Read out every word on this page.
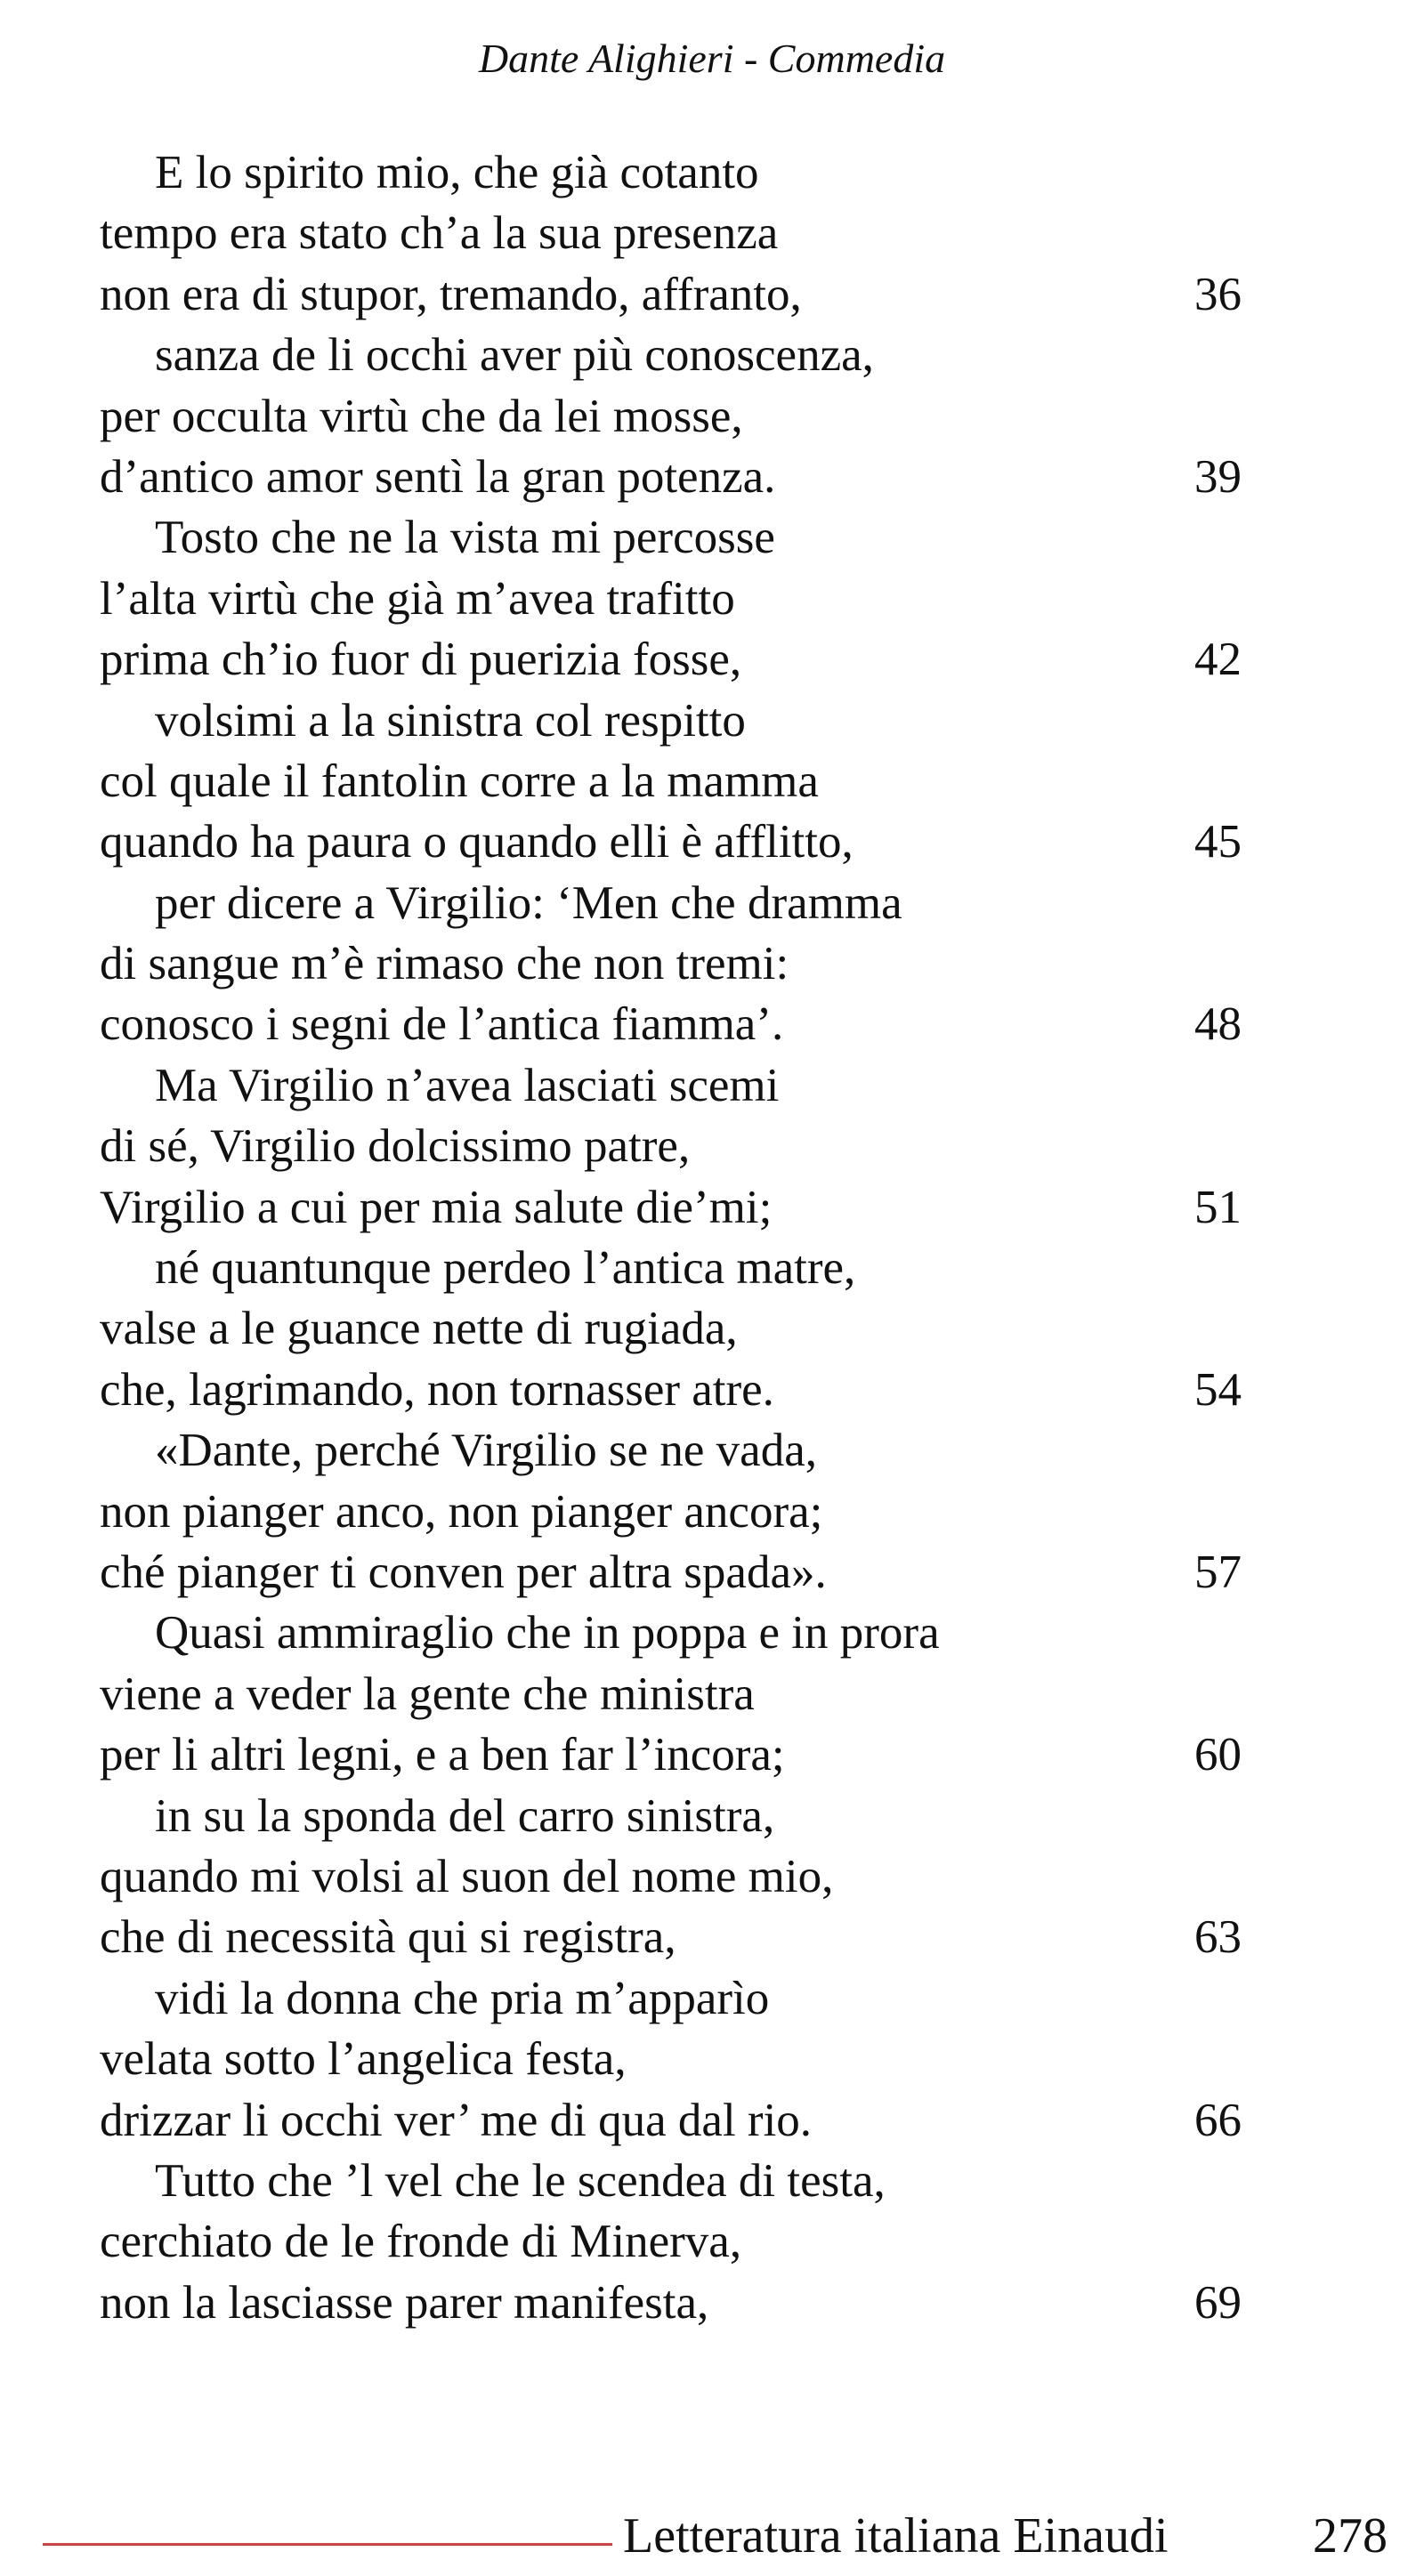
Dante Alighieri - Commedia
E lo spirito mio, che già cotanto
tempo era stato ch’a la sua presenza
non era di stupor, tremando, affranto,	36
sanza de li occhi aver più conoscenza,
per occulta virtù che da lei mosse,
d’antico amor sentì la gran potenza.	39
Tosto che ne la vista mi percosse
l’alta virtù che già m’avea trafitto
prima ch’io fuor di puerizia fosse,	42
volsimi a la sinistra col respitto
col quale il fantolin corre a la mamma
quando ha paura o quando elli è afflitto,	45
per dicere a Virgilio: ‘Men che dramma
di sangue m’è rimaso che non tremi:
conosco i segni de l’antica fiamma’.	48
Ma Virgilio n’avea lasciati scemi
di sé, Virgilio dolcissimo patre,
Virgilio a cui per mia salute die’mi;	51
né quantunque perdeo l’antica matre,
valse a le guance nette di rugiada,
che, lagrimando, non tornasser atre.	54
«Dante, perché Virgilio se ne vada,
non pianger anco, non pianger ancora;
ché pianger ti conven per altra spada».	57
Quasi ammiraglio che in poppa e in prora
viene a veder la gente che ministra
per li altri legni, e a ben far l’incora;	60
in su la sponda del carro sinistra,
quando mi volsi al suon del nome mio,
che di necessità qui si registra,	63
vidi la donna che pria m’apparìo
velata sotto l’angelica festa,
drizzar li occhi ver’ me di qua dal rio.	66
Tutto che ’l vel che le scendea di testa,
cerchiato de le fronde di Minerva,
non la lasciasse parer manifesta,	69
Letteratura italiana Einaudi	278
